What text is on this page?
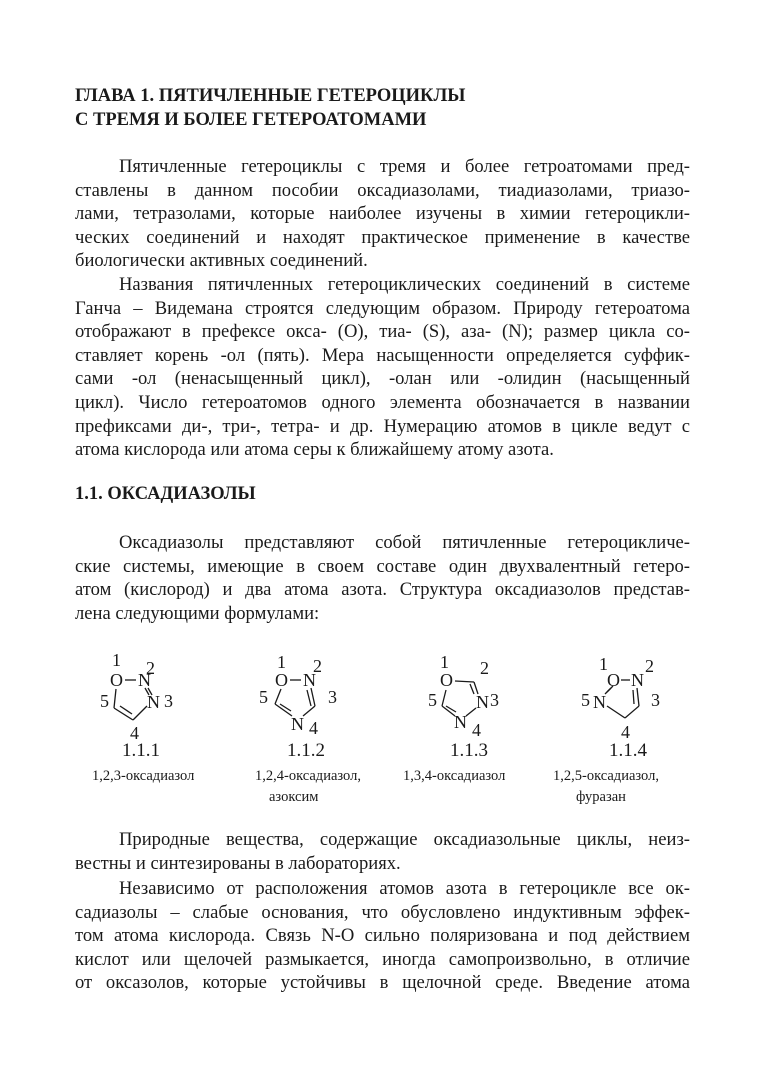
ГЛАВА 1. ПЯТИЧЛЕННЫЕ ГЕТЕРОЦИКЛЫ
С ТРЕМЯ И БОЛЕЕ ГЕТЕРОАТОМАМИ
Пятичленные гетероциклы с тремя и более гетроатомами пред-
ставлены в данном пособии оксадиазолами, тиадиазолами, триазо-
лами, тетразолами, которые наиболее изучены в химии гетероцикли-
ческих соединений и находят практическое применение в качестве
биологически активных соединений.
Названия пятичленных гетероциклических соединений в системе
Ганча – Видемана строятся следующим образом. Природу гетероатома
отображают в префексе окса- (О), тиа- (S), аза- (N); размер цикла со-
ставляет корень -ол (пять). Мера насыщенности определяется суффик-
сами -ол (ненасыщенный цикл), -олан или -олидин (насыщенный
цикл). Число гетероатомов одного элемента обозначается в названии
префиксами ди-, три-, тетра- и др. Нумерацию атомов в цикле ведут с
атома кислорода или атома серы к ближайшему атому азота.
1.1. ОКСАДИАЗОЛЫ
Оксадиазолы представляют собой пятичленные гетероцикличе-
ские системы, имеющие в своем составе один двухвалентный гетеро-
атом (кислород) и два атома азота. Структура оксадиазолов представ-
лена следующими формулами:
1 2
3
4
5
O N
N
1.1.1
1,2,3-оксадиазол
1 2
3
4
5
O N
N
1.1.2
1,2,4-оксадиазол,
азоксим
1 2
3
4
5
O
N
N
1.1.3
1,3,4-оксадиазол
1 2
3
4
5
O N
N
1.1.4
1,2,5-оксадиазол,
фуразан
Природные вещества, содержащие оксадиазольные циклы, неиз-
вестны и синтезированы в лабораториях.
Независимо от расположения атомов азота в гетероцикле все ок-
садиазолы – слабые основания, что обусловлено индуктивным эффек-
том атома кислорода. Связь N-O сильно поляризована и под действием
кислот или щелочей размыкается, иногда самопроизвольно, в отличие
от оксазолов, которые устойчивы в щелочной среде. Введение атома
